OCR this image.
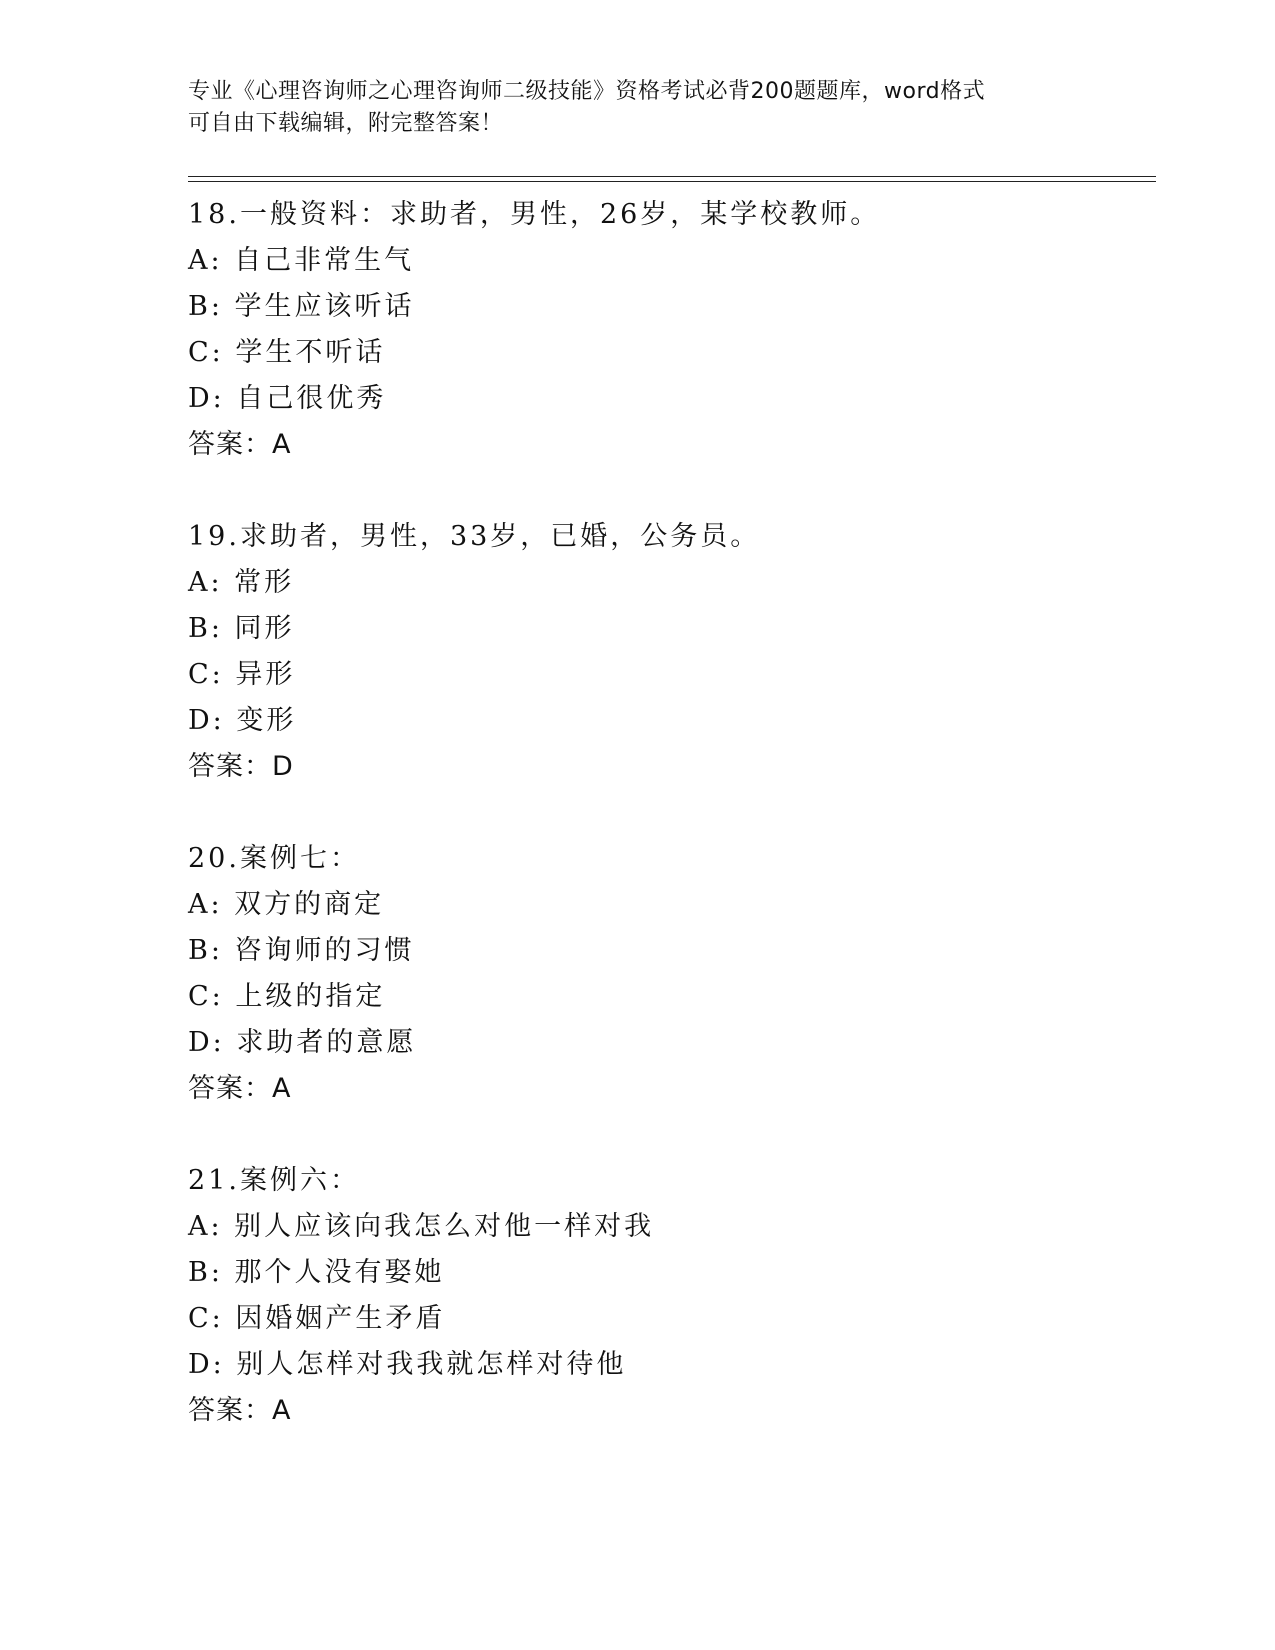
专业《心理咨询师之心理咨询师二级技能》资格考试必背200题题库，word格式
可自由下载编辑，附完整答案！
18.一般资料：求助者，男性，26岁，某学校教师。
A: 自己非常生气
B: 学生应该听话
C: 学生不听话
D: 自己很优秀
答案：A
19.求助者，男性，33岁，已婚，公务员。
A: 常形
B: 同形
C: 异形
D: 变形
答案：D
20.案例七：
A: 双方的商定
B: 咨询师的习惯
C: 上级的指定
D: 求助者的意愿
答案：A
21.案例六：
A: 别人应该向我怎么对他一样对我
B: 那个人没有娶她
C: 因婚姻产生矛盾
D: 别人怎样对我我就怎样对待他
答案：A
